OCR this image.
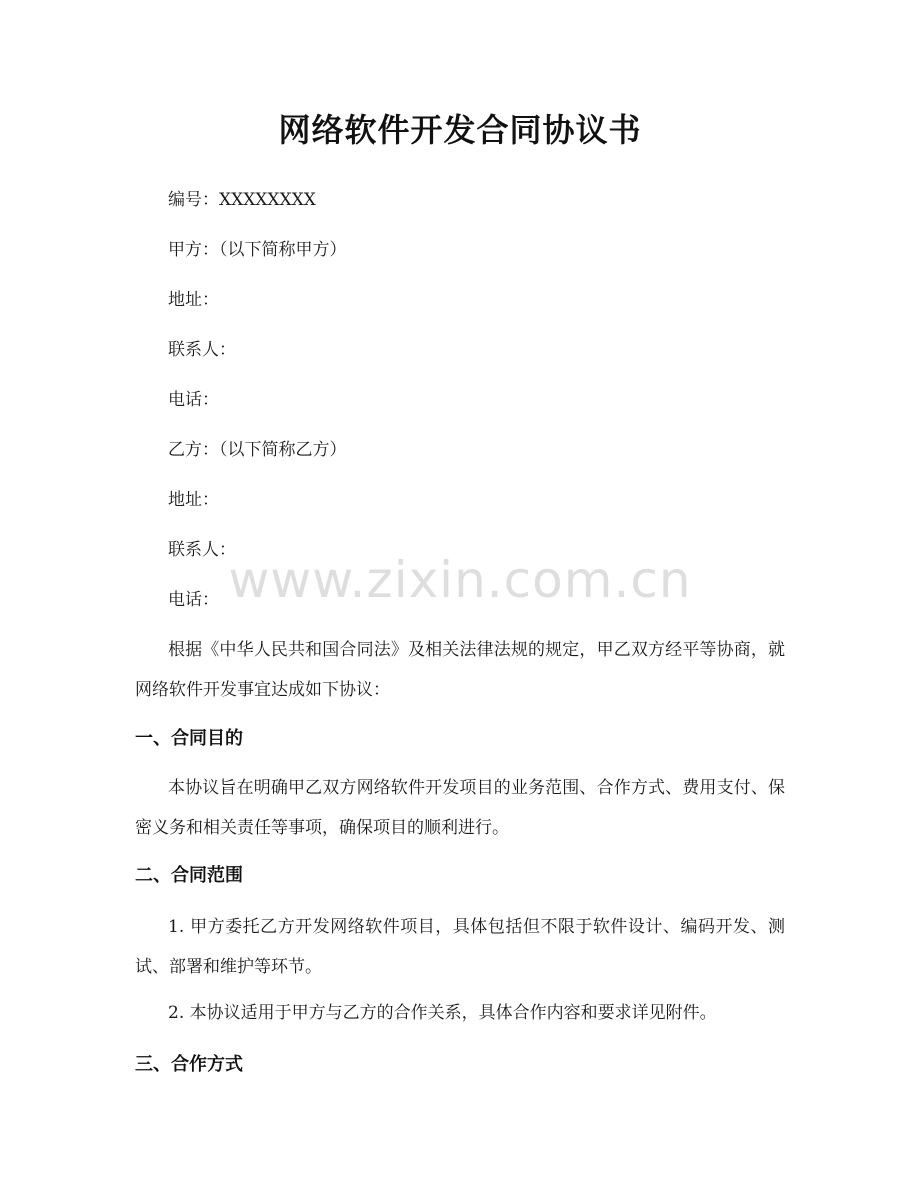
网络软件开发合同协议书
编号：XXXXXXXX
甲方：（以下简称甲方）
地址：
联系人：
电话：
乙方：（以下简称乙方）
地址：
联系人：
电话：
根据《中华人民共和国合同法》及相关法律法规的规定，甲乙双方经平等协商，就网络软件开发事宜达成如下协议：
一、合同目的
本协议旨在明确甲乙双方网络软件开发项目的业务范围、合作方式、费用支付、保密义务和相关责任等事项，确保项目的顺利进行。
二、合同范围
1. 甲方委托乙方开发网络软件项目，具体包括但不限于软件设计、编码开发、测试、部署和维护等环节。
2. 本协议适用于甲方与乙方的合作关系，具体合作内容和要求详见附件。
三、合作方式
www.zixin.com.cn
